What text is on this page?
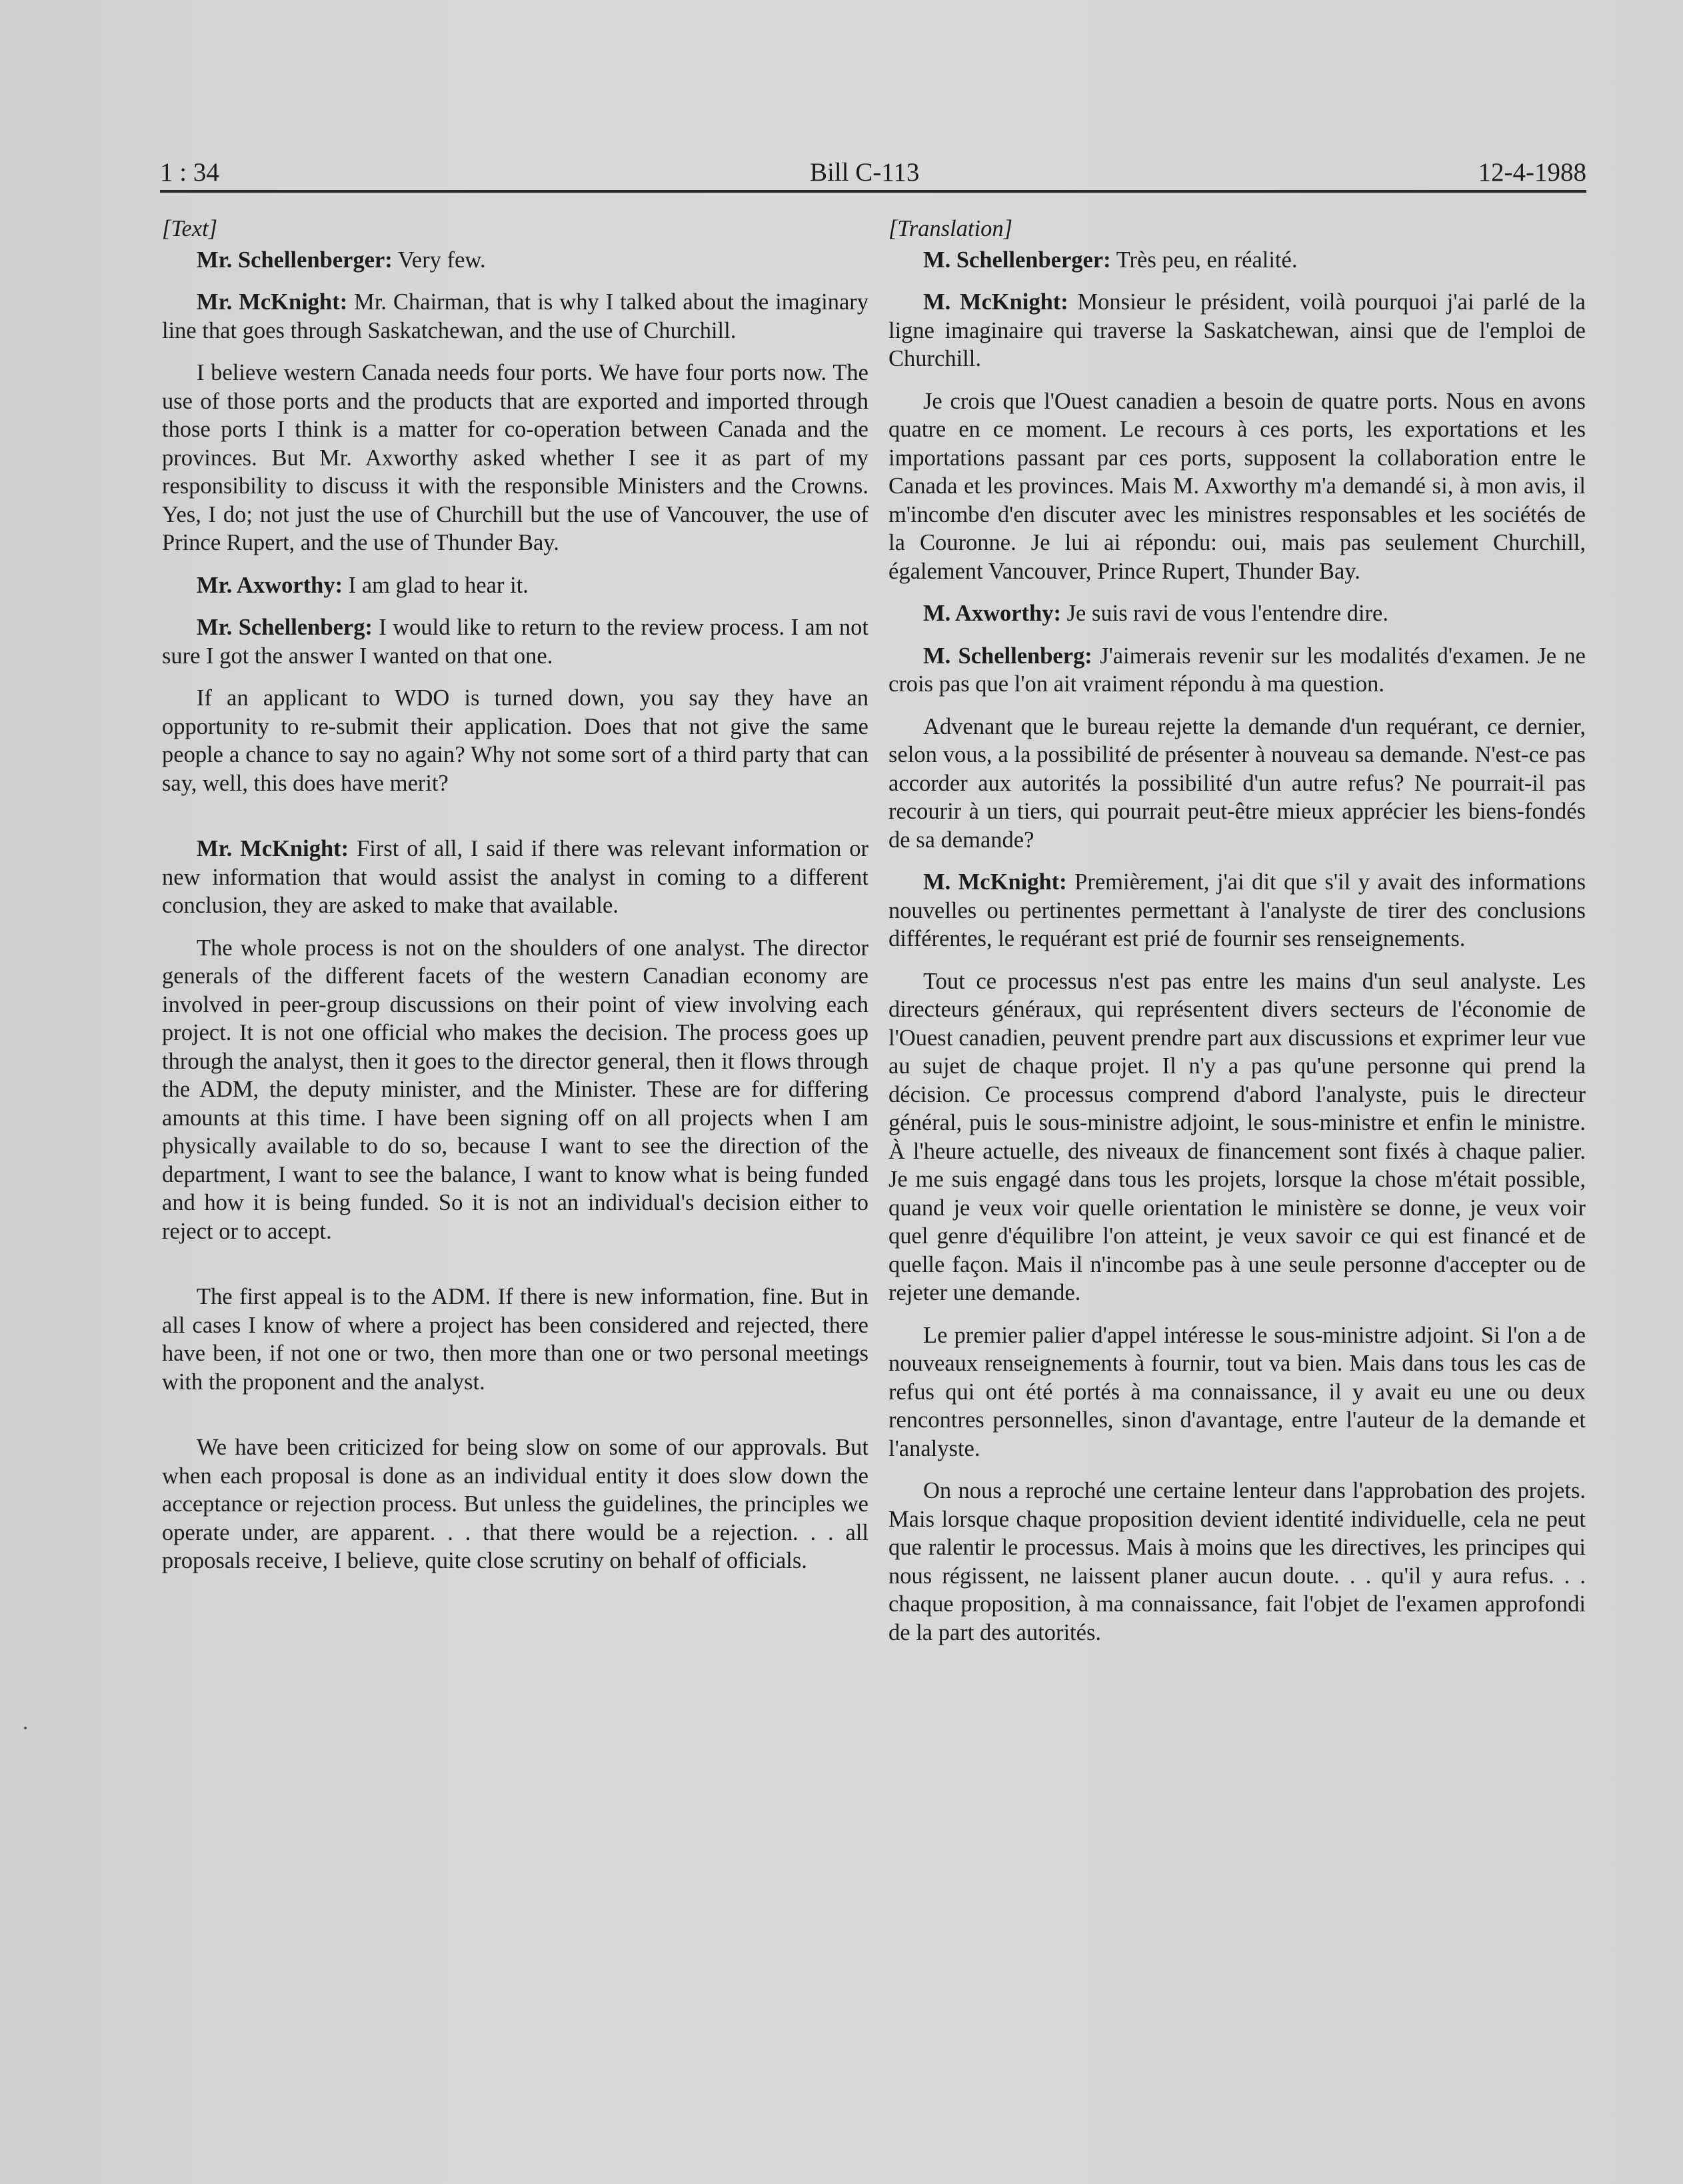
1 : 34	Bill C-113	12-4-1988

[Text]

Mr. Schellenberger: Very few.

Mr. McKnight: Mr. Chairman, that is why I talked about the imaginary line that goes through Saskatchewan, and the use of Churchill.

I believe western Canada needs four ports. We have four ports now. The use of those ports and the products that are exported and imported through those ports I think is a matter for co-operation between Canada and the provinces. But Mr. Axworthy asked whether I see it as part of my responsibility to discuss it with the responsible Ministers and the Crowns. Yes, I do; not just the use of Churchill but the use of Vancouver, the use of Prince Rupert, and the use of Thunder Bay.

Mr. Axworthy: I am glad to hear it.

Mr. Schellenberg: I would like to return to the review process. I am not sure I got the answer I wanted on that one.

If an applicant to WDO is turned down, you say they have an opportunity to re-submit their application. Does that not give the same people a chance to say no again? Why not some sort of a third party that can say, well, this does have merit?

Mr. McKnight: First of all, I said if there was relevant information or new information that would assist the analyst in coming to a different conclusion, they are asked to make that available.

The whole process is not on the shoulders of one analyst. The director generals of the different facets of the western Canadian economy are involved in peer-group discussions on their point of view involving each project. It is not one official who makes the decision. The process goes up through the analyst, then it goes to the director general, then it flows through the ADM, the deputy minister, and the Minister. These are for differing amounts at this time. I have been signing off on all projects when I am physically available to do so, because I want to see the direction of the department, I want to see the balance, I want to know what is being funded and how it is being funded. So it is not an individual's decision either to reject or to accept.

The first appeal is to the ADM. If there is new information, fine. But in all cases I know of where a project has been considered and rejected, there have been, if not one or two, then more than one or two personal meetings with the proponent and the analyst.

We have been criticized for being slow on some of our approvals. But when each proposal is done as an individual entity it does slow down the acceptance or rejection process. But unless the guidelines, the principles we operate under, are apparent. . . that there would be a rejection. . . all proposals receive, I believe, quite close scrutiny on behalf of officials.

[Translation]

M. Schellenberger: Très peu, en réalité.

M. McKnight: Monsieur le président, voilà pourquoi j'ai parlé de la ligne imaginaire qui traverse la Saskatchewan, ainsi que de l'emploi de Churchill.

Je crois que l'Ouest canadien a besoin de quatre ports. Nous en avons quatre en ce moment. Le recours à ces ports, les exportations et les importations passant par ces ports, supposent la collaboration entre le Canada et les provinces. Mais M. Axworthy m'a demandé si, à mon avis, il m'incombe d'en discuter avec les ministres responsables et les sociétés de la Couronne. Je lui ai répondu: oui, mais pas seulement Churchill, également Vancouver, Prince Rupert, Thunder Bay.

M. Axworthy: Je suis ravi de vous l'entendre dire.

M. Schellenberg: J'aimerais revenir sur les modalités d'examen. Je ne crois pas que l'on ait vraiment répondu à ma question.

Advenant que le bureau rejette la demande d'un requérant, ce dernier, selon vous, a la possibilité de présenter à nouveau sa demande. N'est-ce pas accorder aux autorités la possibilité d'un autre refus? Ne pourrait-il pas recourir à un tiers, qui pourrait peut-être mieux apprécier les biens-fondés de sa demande?

M. McKnight: Premièrement, j'ai dit que s'il y avait des informations nouvelles ou pertinentes permettant à l'analyste de tirer des conclusions différentes, le requérant est prié de fournir ses renseignements.

Tout ce processus n'est pas entre les mains d'un seul analyste. Les directeurs généraux, qui représentent divers secteurs de l'économie de l'Ouest canadien, peuvent prendre part aux discussions et exprimer leur vue au sujet de chaque projet. Il n'y a pas qu'une personne qui prend la décision. Ce processus comprend d'abord l'analyste, puis le directeur général, puis le sous-ministre adjoint, le sous-ministre et enfin le ministre. À l'heure actuelle, des niveaux de financement sont fixés à chaque palier. Je me suis engagé dans tous les projets, lorsque la chose m'était possible, quand je veux voir quelle orientation le ministère se donne, je veux voir quel genre d'équilibre l'on atteint, je veux savoir ce qui est financé et de quelle façon. Mais il n'incombe pas à une seule personne d'accepter ou de rejeter une demande.

Le premier palier d'appel intéresse le sous-ministre adjoint. Si l'on a de nouveaux renseignements à fournir, tout va bien. Mais dans tous les cas de refus qui ont été portés à ma connaissance, il y avait eu une ou deux rencontres personnelles, sinon d'avantage, entre l'auteur de la demande et l'analyste.

On nous a reproché une certaine lenteur dans l'approbation des projets. Mais lorsque chaque proposition devient identité individuelle, cela ne peut que ralentir le processus. Mais à moins que les directives, les principes qui nous régissent, ne laissent planer aucun doute. . . qu'il y aura refus. . . chaque proposition, à ma connaissance, fait l'objet de l'examen approfondi de la part des autorités.
